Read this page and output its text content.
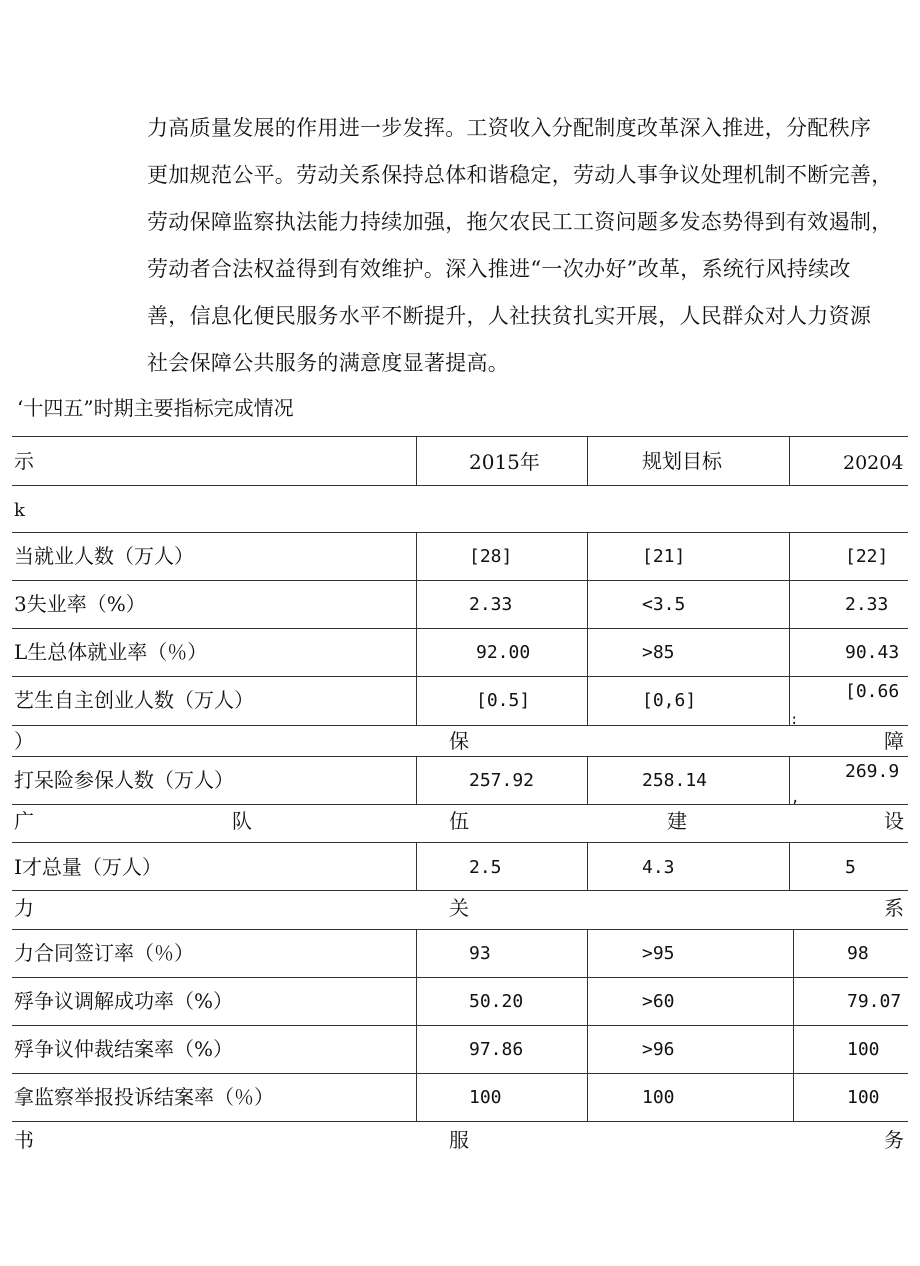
力高质量发展的作用进一步发挥。工资收入分配制度改革深入推进，分配秩序
更加规范公平。劳动关系保持总体和谐稳定，劳动人事争议处理机制不断完善，
劳动保障监察执法能力持续加强，拖欠农民工工资问题多发态势得到有效遏制，
劳动者合法权益得到有效维护。深入推进“一次办好”改革，系统行风持续改
善，信息化便民服务水平不断提升，人社扶贫扎实开展，人民群众对人力资源
社会保障公共服务的满意度显著提高。
‘十四五”时期主要指标完成情况
示	2015年	规划目标	20204
k
当就业人数（万人）	[28]	[21]	[22]
3失业率（%）	2.33	<3.5	2.33
L生总体就业率（％）	92.00	>85	90.43
艺生自主创业人数（万人）	[0.5]	[0,6]	[0.66
:
）	保	障
打呆险参保人数（万人）	257.92	258.14	269.9
,
广	队	伍	建	设
I才总量（万人）	2.5	4.3	5
力	关	系
力合同签订率（％）	93	>95	98
殍争议调解成功率（%）	50.20	>60	79.07
殍争议仲裁结案率（%）	97.86	>96	100
拿监察举报投诉结案率（％）	100	100	100
书	服	务
